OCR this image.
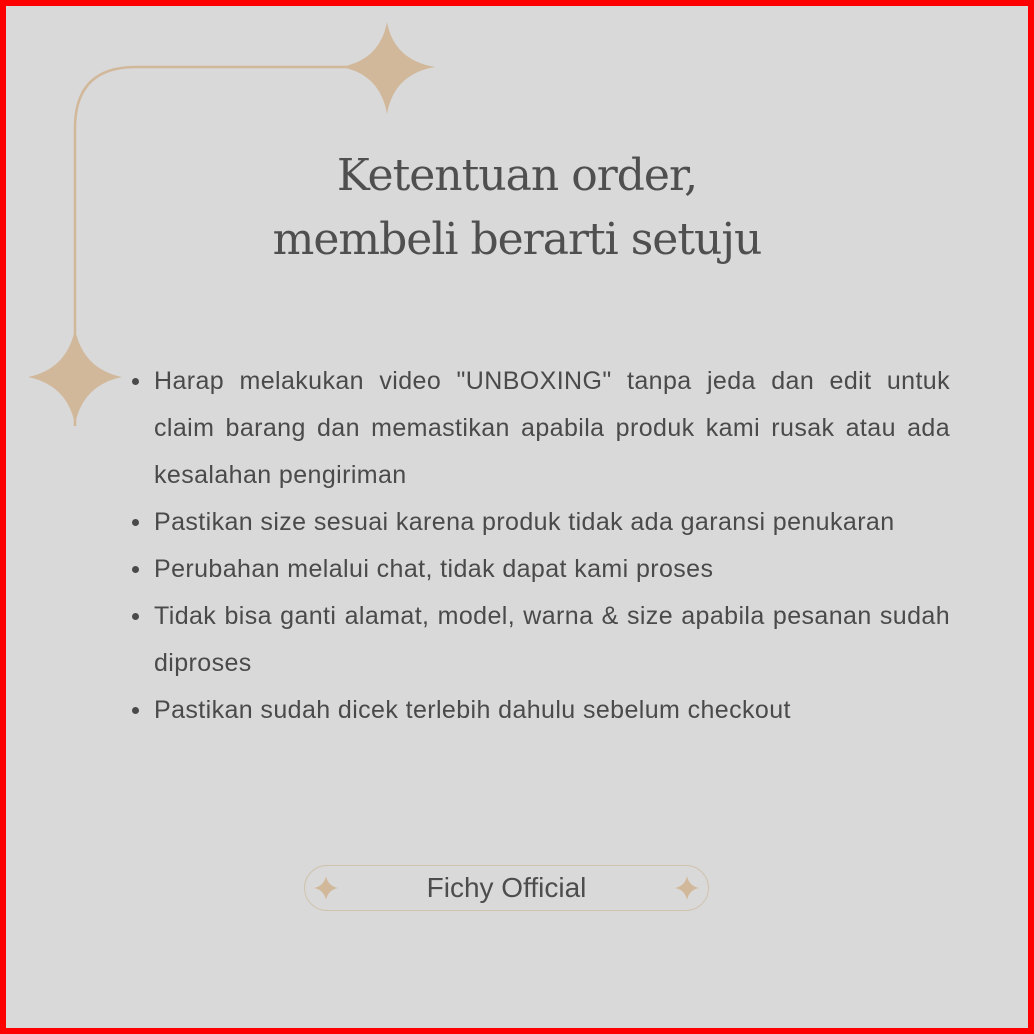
Ketentuan order,
membeli berarti setuju
Harap melakukan video "UNBOXING" tanpa jeda dan edit untuk claim barang dan memastikan apabila produk kami rusak atau ada kesalahan pengiriman
Pastikan size sesuai karena produk tidak ada garansi penukaran
Perubahan melalui chat, tidak dapat kami proses
Tidak bisa ganti alamat, model, warna & size apabila pesanan sudah diproses
Pastikan sudah dicek terlebih dahulu sebelum checkout
Fichy Official
